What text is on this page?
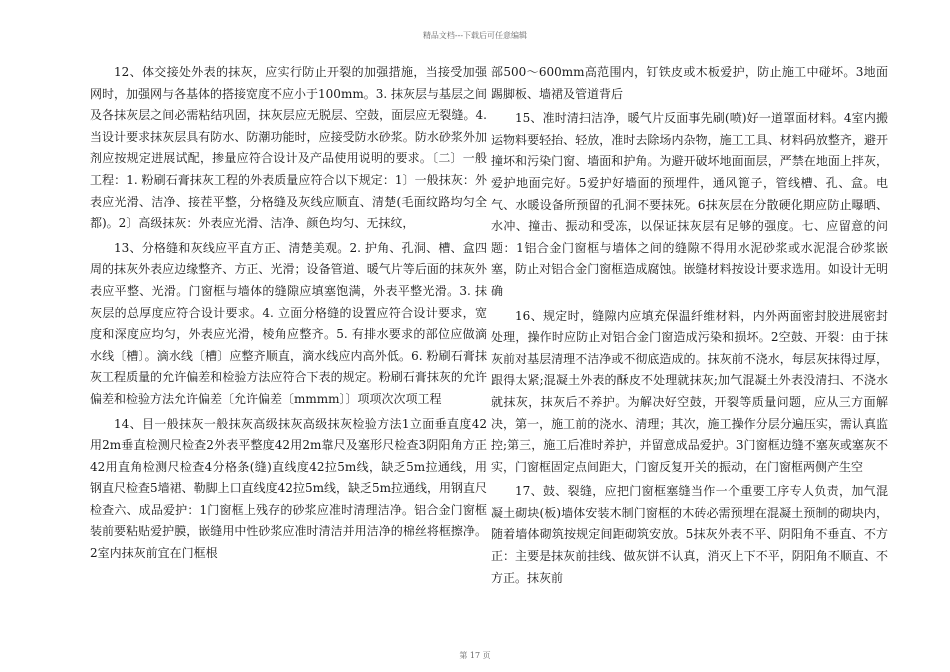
精品文档---下载后可任意编辑

12、体交接处外表的抹灰，应实行防止开裂的加强措施，当接受加强网时，加强网与各基体的搭接宽度不应小于100mm。3. 抹灰层与基层之间及各抹灰层之间必需粘结巩固，抹灰层应无脱层、空鼓，面层应无裂缝。4. 当设计要求抹灰层具有防水、防潮功能时，应接受防水砂浆。防水砂浆外加剂应按规定进展试配，掺量应符合设计及产品使用说明的要求。〔二〕一般工程：1. 粉刷石膏抹灰工程的外表质量应符合以下规定：1〕一般抹灰：外表应光滑、洁净、接茬平整，分格缝及灰线应顺直、清楚(毛面纹路均匀全都)。2〕高级抹灰：外表应光滑、洁净、颜色均匀、无抹纹，

13、分格缝和灰线应平直方正、清楚美观。2. 护角、孔洞、槽、盒四周的抹灰外表应边缘整齐、方正、光滑；设备管道、暖气片等后面的抹灰外表应平整、光滑。门窗框与墙体的缝隙应填塞饱满，外表平整光滑。3. 抹灰层的总厚度应符合设计要求。4. 立面分格缝的设置应符合设计要求，宽度和深度应均匀，外表应光滑，棱角应整齐。5. 有排水要求的部位应做滴水线〔槽〕。滴水线〔槽〕应整齐顺直，滴水线应内高外低。6. 粉刷石膏抹灰工程质量的允许偏差和检验方法应符合下表的规定。粉刷石膏抹灰的允许偏差和检验方法允许偏差〔允许偏差〔mmmm〕〕项项次次项工程

14、目一般抹灰一般抹灰高级抹灰高级抹灰检验方法1立面垂直度42用2m垂直检测尺检查2外表平整度42用2m靠尺及塞形尺检查3阴阳角方正42用直角检测尺检查4分格条(缝)直线度42拉5m线，缺乏5m拉通线，用钢直尺检查5墙裙、勒脚上口直线度42拉5m线，缺乏5m拉通线，用钢直尺检查六、成品爱护：1门窗框上残存的砂浆应准时清理洁净。铝合金门窗框装前要粘贴爱护膜，嵌缝用中性砂浆应准时清洁并用洁净的棉丝将框擦净。2室内抹灰前宜在门框根

部500～600mm高范围内，钉铁皮或木板爱护，防止施工中碰坏。3地面踢脚板、墙裙及管道背后

15、准时清扫洁净，暖气片反面事先刷(喷)好一道罩面材料。4室内搬运物料要轻抬、轻放，准时去除场内杂物，施工工具、材料码放整齐，避开撞坏和污染门窗、墙面和护角。为避开破坏地面面层，严禁在地面上拌灰，爱护地面完好。5爱护好墙面的预埋件，通风篦子，管线槽、孔、盒。电气、水暖设备所预留的孔洞不要抹死。6抹灰层在分散硬化期应防止曝晒、水冲、撞击、振动和受冻，以保证抹灰层有足够的强度。七、应留意的问题：1铝合金门窗框与墙体之间的缝隙不得用水泥砂浆或水泥混合砂浆嵌塞，防止对铝合金门窗框造成腐蚀。嵌缝材料按设计要求选用。如设计无明确

16、规定时，缝隙内应填充保温纤维材料，内外两面密封胶进展密封处理，操作时应防止对铝合金门窗造成污染和损坏。2空鼓、开裂：由于抹灰前对基层清理不洁净或不彻底造成的。抹灰前不浇水，每层灰抹得过厚，跟得太紧;混凝土外表的酥皮不处理就抹灰;加气混凝土外表没清扫、不浇水就抹灰，抹灰后不养护。为解决好空鼓，开裂等质量问题，应从三方面解决，第一，施工前的浇水、清理；其次，施工操作分层分遍压实，需认真监控;第三，施工后准时养护，并留意成品爱护。3门窗框边缝不塞灰或塞灰不实，门窗框固定点间距大，门窗反复开关的振动，在门窗框两侧产生空

17、鼓、裂缝，应把门窗框塞缝当作一个重要工序专人负责，加气混凝土砌块(板)墙体安装木制门窗框的木砖必需预埋在混凝土预制的砌块内，随着墙体砌筑按规定间距砌筑安放。5抹灰外表不平、阴阳角不垂直、不方正：主要是抹灰前挂线、做灰饼不认真，消灭上下不平，阴阳角不顺直、不方正。抹灰前

第 17 页
